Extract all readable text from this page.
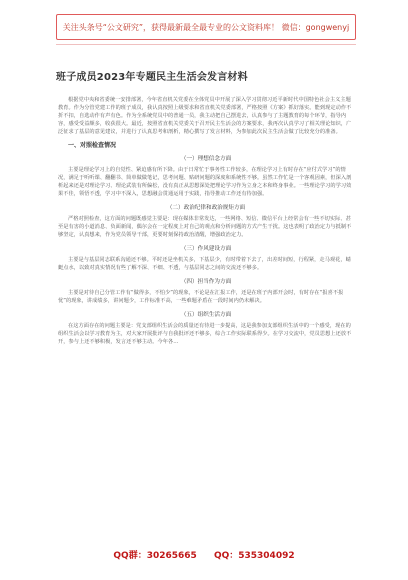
关注头条号“公文研究”，获得最新最全最专业的公文资料库！ 微信：gongwenyj
班子成员2023年专题民主生活会发言材料
根据党中央和省委统一安排部署，今年省直机关党委在全体党员中开展了深入学习贯彻习近平新时代中国特色社会主义主题教育。作为分管党建工作的班子成员，我认真按照上级要求和省直机关党委部署，严格按照《方案》抓好落实。能到现定动作不折不扣，自选动作有声有色。作为全系统党员中的普通一员，我主动把自己摆进去，认真参与了主题教育的每个环节，指导内容，感受受益颇多，收获很大。最近，按照省直机关党委关于召开民主生活会的方案要求，我再次认真学习了相关理论知识，广泛征求了基层的意见建议，并进行了认真思考和剖析，精心撰写了发言材料，为参加此次民主生活会做了比较充分的准备。
一、对照检查情况
（一）理想信念方面
主要是理论学习上的自觉性、紧迫感有所下降。由于日常忙于事务性工作较多，在理论学习上有时存在“应付式学习”的情况，满足于听听课、翻翻书、简单做做笔记，思考问题、贴研问题的深度和系统性不够。虽然工作忙是一个客观因素，但深入剖析起来还是对理论学习、理论武装有所偏松，没有真正从思想深处把理论学习作为立身之本和终身事业。一些理论学习的学习效果不佳，领悟不透，学习中不深入，思想融会贯通运用于实践，指导推动工作还有待加强。
（二）政治纪律和政治规矩方面
严格对照检查，这方面的问题既感觉主要是：现在媒体非常发达，一些网络、短信、微信平台上经常会有一些不切实际、甚至是有害的小道消息、负面新闻，偶尔会在一定程度上对自己的观点和分析问题的方式产生干扰。这也表明了政治定力与抵制不够坚定，认真想来，作为党员领导干部，更要时刻保持政治清醒，增强政治定力。
（三）作风建设方面
主要是与基层同志联系沟通还不够。平时还是坐机关多，下基层少，有时带着下去了，出差时间短，行程紧，走马观花，蜻蜓点水，以致对真实情况有些了解不深、不细、不透，与基层同志之间的交流还不够多。
（四）担当作为方面
主要是对待自己分管工作有“做得多，不怕少”的现象，不论是在汇报工作，还是在班子内部开会时，有时存在“报喜不报忧”的现象，讲成绩多，讲问题少，工作标准不高，一些难题矛盾在一段时间内仍未解决。
（五）组织生活方面
在这方面存在的问题主要是：党支部组织生活会的质量还有待进一步提高，这是我参加支部组织生活中的一个感受，现在的组织生活会以学习教育为主，对大家开展批评与自我批评还不够多，综合工作实际联系得少。在学习交流中，党员思想上还放不开，参与上还不够积极，发言还不够主动。今年各…
QQ群：30265665 QQ：535304092
